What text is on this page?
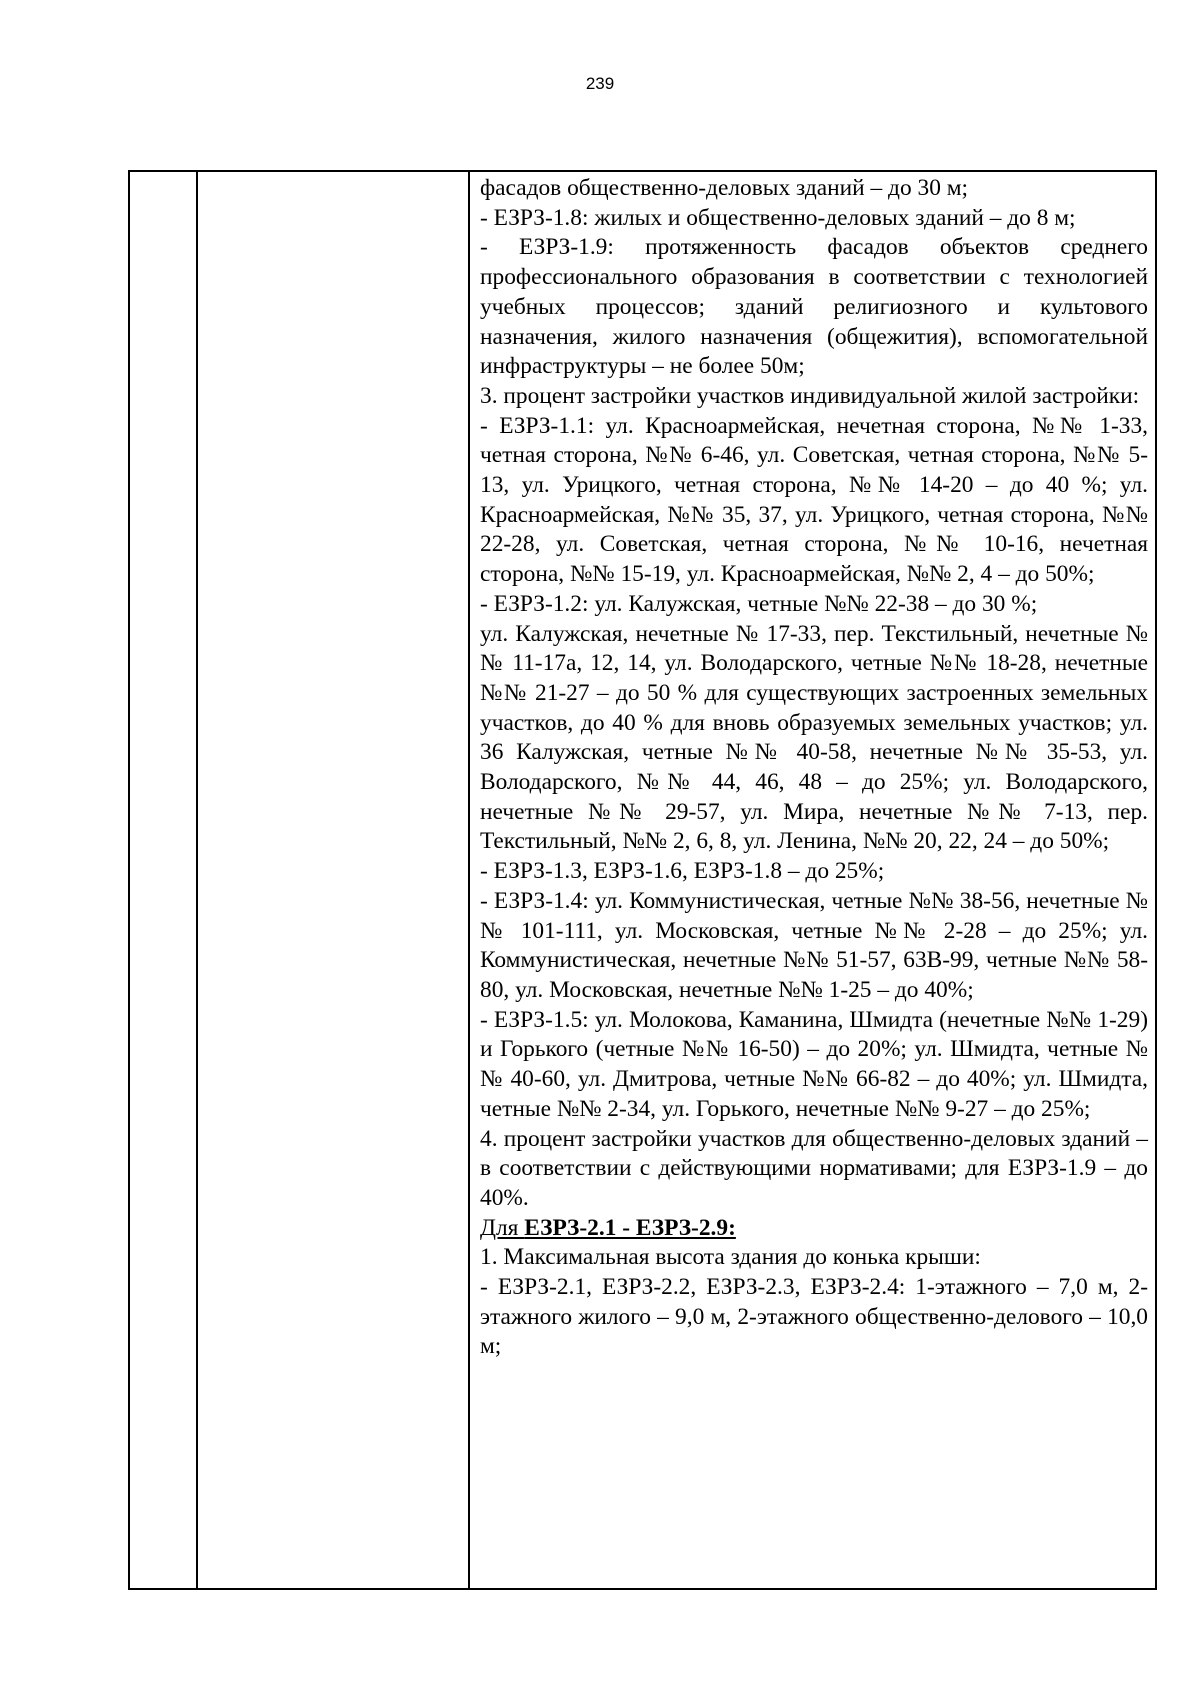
239

фасадов общественно-деловых зданий – до 30 м;

- ЕЗРЗ-1.8: жилых и общественно-деловых зданий – до 8 м;

- ЕЗРЗ-1.9: протяженность фасадов объектов среднего профессионального образования в соответствии с технологией учебных процессов; зданий религиозного и культового назначения, жилого назначения (общежития), вспомогательной инфраструктуры – не более 50м;

3. процент застройки участков индивидуальной жилой застройки:

- ЕЗРЗ-1.1: ул. Красноармейская, нечетная сторона, №№ 1-33, четная сторона, №№ 6-46, ул. Советская, четная сторона, №№ 5-13, ул. Урицкого, четная сторона, №№ 14-20 – до 40 %; ул. Красноармейская, №№ 35, 37, ул. Урицкого, четная сторона, №№ 22-28, ул. Советская, четная сторона, №№ 10-16, нечетная сторона, №№ 15-19, ул. Красноармейская, №№ 2, 4 – до 50%;

- ЕЗРЗ-1.2: ул. Калужская, четные №№ 22-38 – до 30 %;

ул. Калужская, нечетные № 17-33, пер. Текстильный, нечетные №№ 11-17а, 12, 14, ул. Володарского, четные №№ 18-28, нечетные №№ 21-27 – до 50 % для существующих застроенных земельных участков, до 40 % для вновь образуемых земельных участков; ул. 36 Калужская, четные №№ 40-58, нечетные №№ 35-53, ул. Володарского, №№ 44, 46, 48 – до 25%; ул. Володарского, нечетные №№ 29-57, ул. Мира, нечетные №№ 7-13, пер. Текстильный, №№ 2, 6, 8, ул. Ленина, №№ 20, 22, 24 – до 50%;

- ЕЗРЗ-1.3, ЕЗРЗ-1.6, ЕЗРЗ-1.8 – до 25%;

- ЕЗРЗ-1.4: ул. Коммунистическая, четные №№ 38-56, нечетные №№ 101-111, ул. Московская, четные №№ 2-28 – до 25%; ул. Коммунистическая, нечетные №№ 51-57, 63В-99, четные №№ 58-80, ул. Московская, нечетные №№ 1-25 – до 40%;

- ЕЗРЗ-1.5: ул. Молокова, Каманина, Шмидта (нечетные №№ 1-29) и Горького (четные №№ 16-50) – до 20%; ул. Шмидта, четные №№ 40-60, ул. Дмитрова, четные №№ 66-82 – до 40%; ул. Шмидта, четные №№ 2-34, ул. Горького, нечетные №№ 9-27 – до 25%;

4. процент застройки участков для общественно-деловых зданий – в соответствии с действующими нормативами; для ЕЗРЗ-1.9 – до 40%.

Для ЕЗРЗ-2.1 - ЕЗРЗ-2.9:

1. Максимальная высота здания до конька крыши:

- ЕЗРЗ-2.1, ЕЗРЗ-2.2, ЕЗРЗ-2.3, ЕЗРЗ-2.4: 1-этажного – 7,0 м, 2-этажного жилого – 9,0 м, 2-этажного общественно-делового – 10,0 м;
